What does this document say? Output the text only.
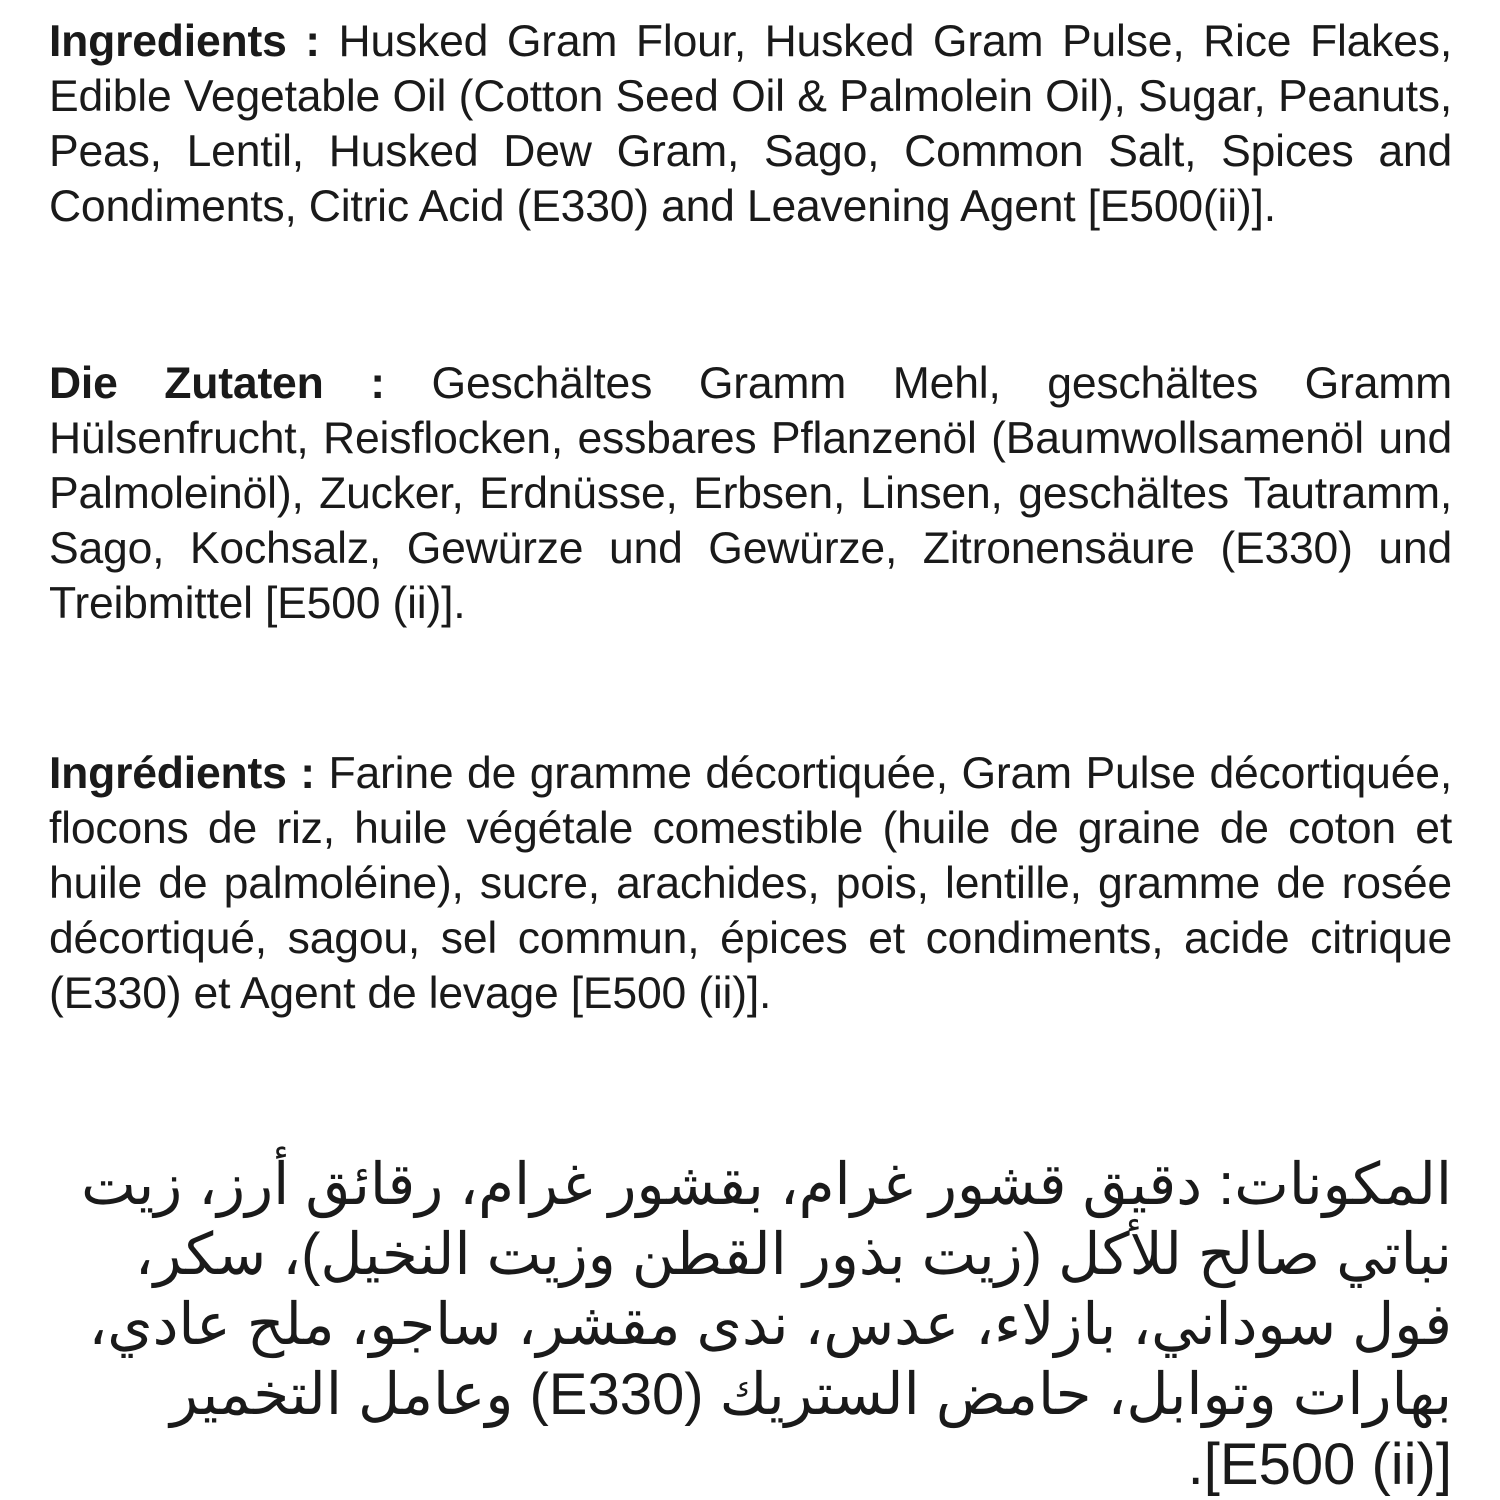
Ingredients : Husked Gram Flour, Husked Gram Pulse, Rice Flakes, Edible Vegetable Oil (Cotton Seed Oil & Palmolein Oil), Sugar, Peanuts, Peas, Lentil, Husked Dew Gram, Sago, Common Salt, Spices and Condiments, Citric Acid (E330) and Leavening Agent [E500(ii)].
Die Zutaten : Geschältes Gramm Mehl, geschältes Gramm Hülsenfrucht, Reisflocken, essbares Pflanzenöl (Baumwollsamenöl und Palmoleinöl), Zucker, Erdnüsse, Erbsen, Linsen, geschältes Tautramm, Sago, Kochsalz, Gewürze und Gewürze, Zitronensäure (E330) und Treibmittel [E500 (ii)].
Ingrédients : Farine de gramme décortiquée, Gram Pulse décortiquée, flocons de riz, huile végétale comestible (huile de graine de coton et huile de palmoléine), sucre, arachides, pois, lentille, gramme de rosée décortiqué, sagou, sel commun, épices et condiments, acide citrique (E330) et Agent de levage [E500 (ii)].
المكونات: دقيق قشور غرام، بقشور غرام، رقائق أرز، زيت نباتي صالح للأكل (زيت بذور القطن وزيت النخيل)، سكر، فول سوداني، بازلاء، عدس، ندى مقشر، ساجو، ملح عادي، بهارات وتوابل، حامض الستريك (E330) وعامل التخمير [E500 (ii)].
